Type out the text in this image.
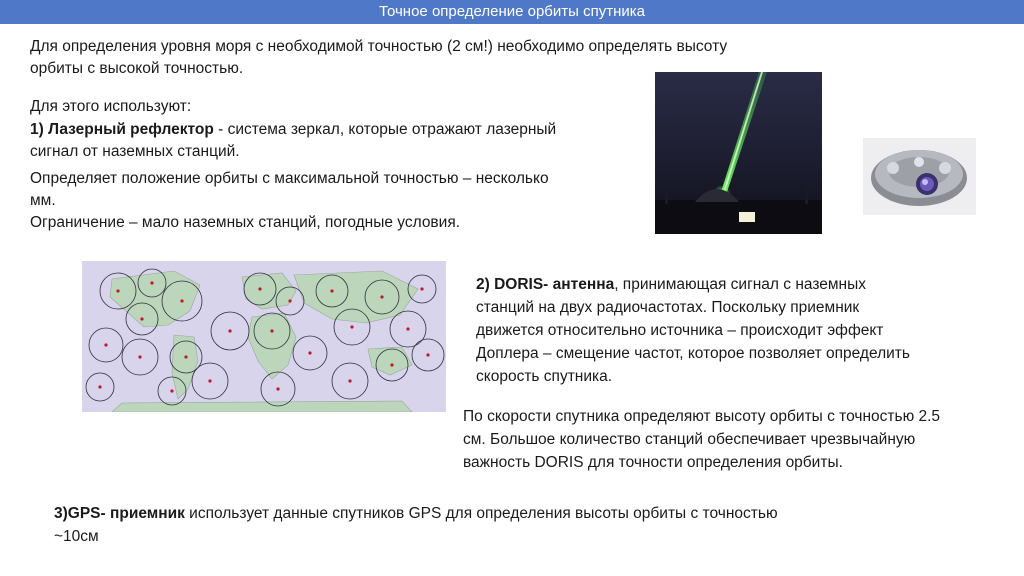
Точное определение орбиты спутника
Для определения уровня моря с необходимой точностью (2 см!) необходимо определять высоту
орбиты с высокой точностью.
Для этого используют:
1) Лазерный рефлектор - система зеркал, которые отражают лазерный
сигнал от наземных станций.
Определяет положение орбиты с максимальной точностью – несколько
мм.
Ограничение – мало наземных станций, погодные условия.
2) DORIS- антенна, принимающая сигнал с наземных
станций на двух радиочастотах. Поскольку приемник
движется относительно источника – происходит эффект
Доплера – смещение частот, которое позволяет определить
скорость спутника.
По скорости спутника определяют высоту орбиты с точностью 2.5
см. Большое количество станций обеспечивает чрезвычайную
важность DORIS для точности определения орбиты.
3)GPS- приемник использует данные спутников GPS для определения высоты орбиты с точностью
~10см
